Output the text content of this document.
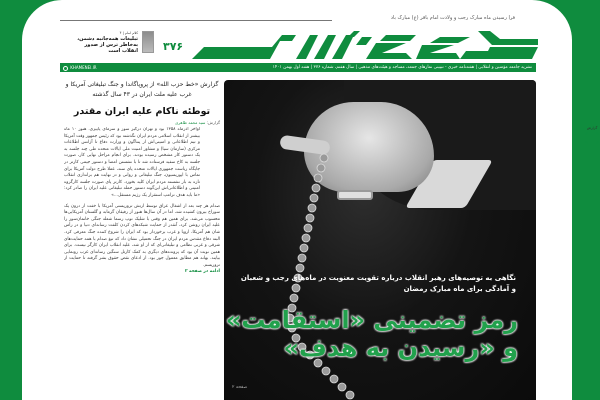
فرا رسیدن ماه مبارک رجب و ولادت امام باقر (ع) مبارک باد
۳۷۶
کلام امام | ۴
تبلیغات همه‌جانبه دشمن، به‌خاطر ترس از صدور انقلاب است
نشریه جامعه مؤمنین و انقلابی | هفته‌نامه خبری - تبیینی نمازهای جمعه، مساجد و هیئت‌های مذهبی | سال هفتم، شماره ۳۷۶ | هفته اول بهمن ۱۴۰۱
KHAMENEI.IR
گزارش «خط حزب الله» از پروپاگاندا و جنگ تبلیغاتی آمریکا و غرب علیه ملت ایران در ۴۳ سال گذشته
توطئه ناکام علیه ایران مقتدر
گزارش: سید محمد طاهری
اواخر آذرماه ۱۳۵۸ بود و تهران درگیر سوز و سرمای پاییزی. هنوز ۱۰ ماه بیشتر از انقلاب اسلامی مردم ایران نگذشته بود که رئیس جمهور وقت آمریکا و تیم اطلاعاتی و امنیتی‌اش از پنتاگون و وزارت دفاع تا آژانس اطلاعات مرکزی (سازمان سیا) و مشاور امنیت ملی ایالات متحده طی چند جلسه به یک دستور کار مشخص رسیده بودند. برای انجام مراحل نهایی کار، صورت جلسه به کاخ سفید فرستاده شد تا با نشستن امضا و دستور جیمی کارتر در جایگاه ریاست جمهوری ایالات متحده پای سند، عملا طرح دولت آمریکا برای تماس با اپوزیسیون، جنگ تبلیغاتی و روانی و در نهایت هم براندازی انقلاب تازه به بار نشسته مردم ایران کلید بخورد. کارتر پای صورت جلسه کارگروه امنیتی و اطلاعاتی‌اش این‌گونه دستور حمله تبلیغاتی علیه ایران را صادر کرد: «ما باید هدف ترامپ استقرار یک رژیم مستقل...»
صدام هر چند بعد از اشغال عراق توسط ارتش تروریستی آمریکا با خفت از درون یک سوراخ بیرون کشیده شد، اما در آن سال‌ها هنوز از رفیقان گرمابه و گلستان آمریکایی‌ها محسوب می‌شد. برای همین هم وقتی با شلیک توپ رسما شعله جنگی خانمان‌سوز را علیه ایران روشن کرد، آنقدر از حمایت شبکه‌های کردن کلفت رسانه‌ای دنیا و در رأس شان هم آمریکا، اروپا و غرب برخوردار بود که ایران را شروع کننده جنگ معرفی کرد. البته دفاع مقدس مردم ایران در جنگ تحمیلی نشان داد که تیغ صدام با همه حمایت‌های شرقی و غربی نظامی و تبلیغاتی‌ای که از او شد، علیه انقلاب ایران کارگر نیست. برای همین نوبت آن بود که پرونده‌های دیگری به کمک کارتل سنگین رسانه‌ای غرب رونمایی بیایند. بهانه هم مطابق معمول جور بود. از ادعای نقض حقوق بشر گرفته تا حمایت از تروریسم.
ادامه در صفحه ۳
گزارش
نگاهی به توصیه‌های رهبر انقلاب درباره تقویت معنویت در ماه‌های رجب و شعبان و آمادگی برای ماه مبارک رمضان
رمز تضمینی «استقامت»
و «رسیدن به هدف»
صفحه ۲
